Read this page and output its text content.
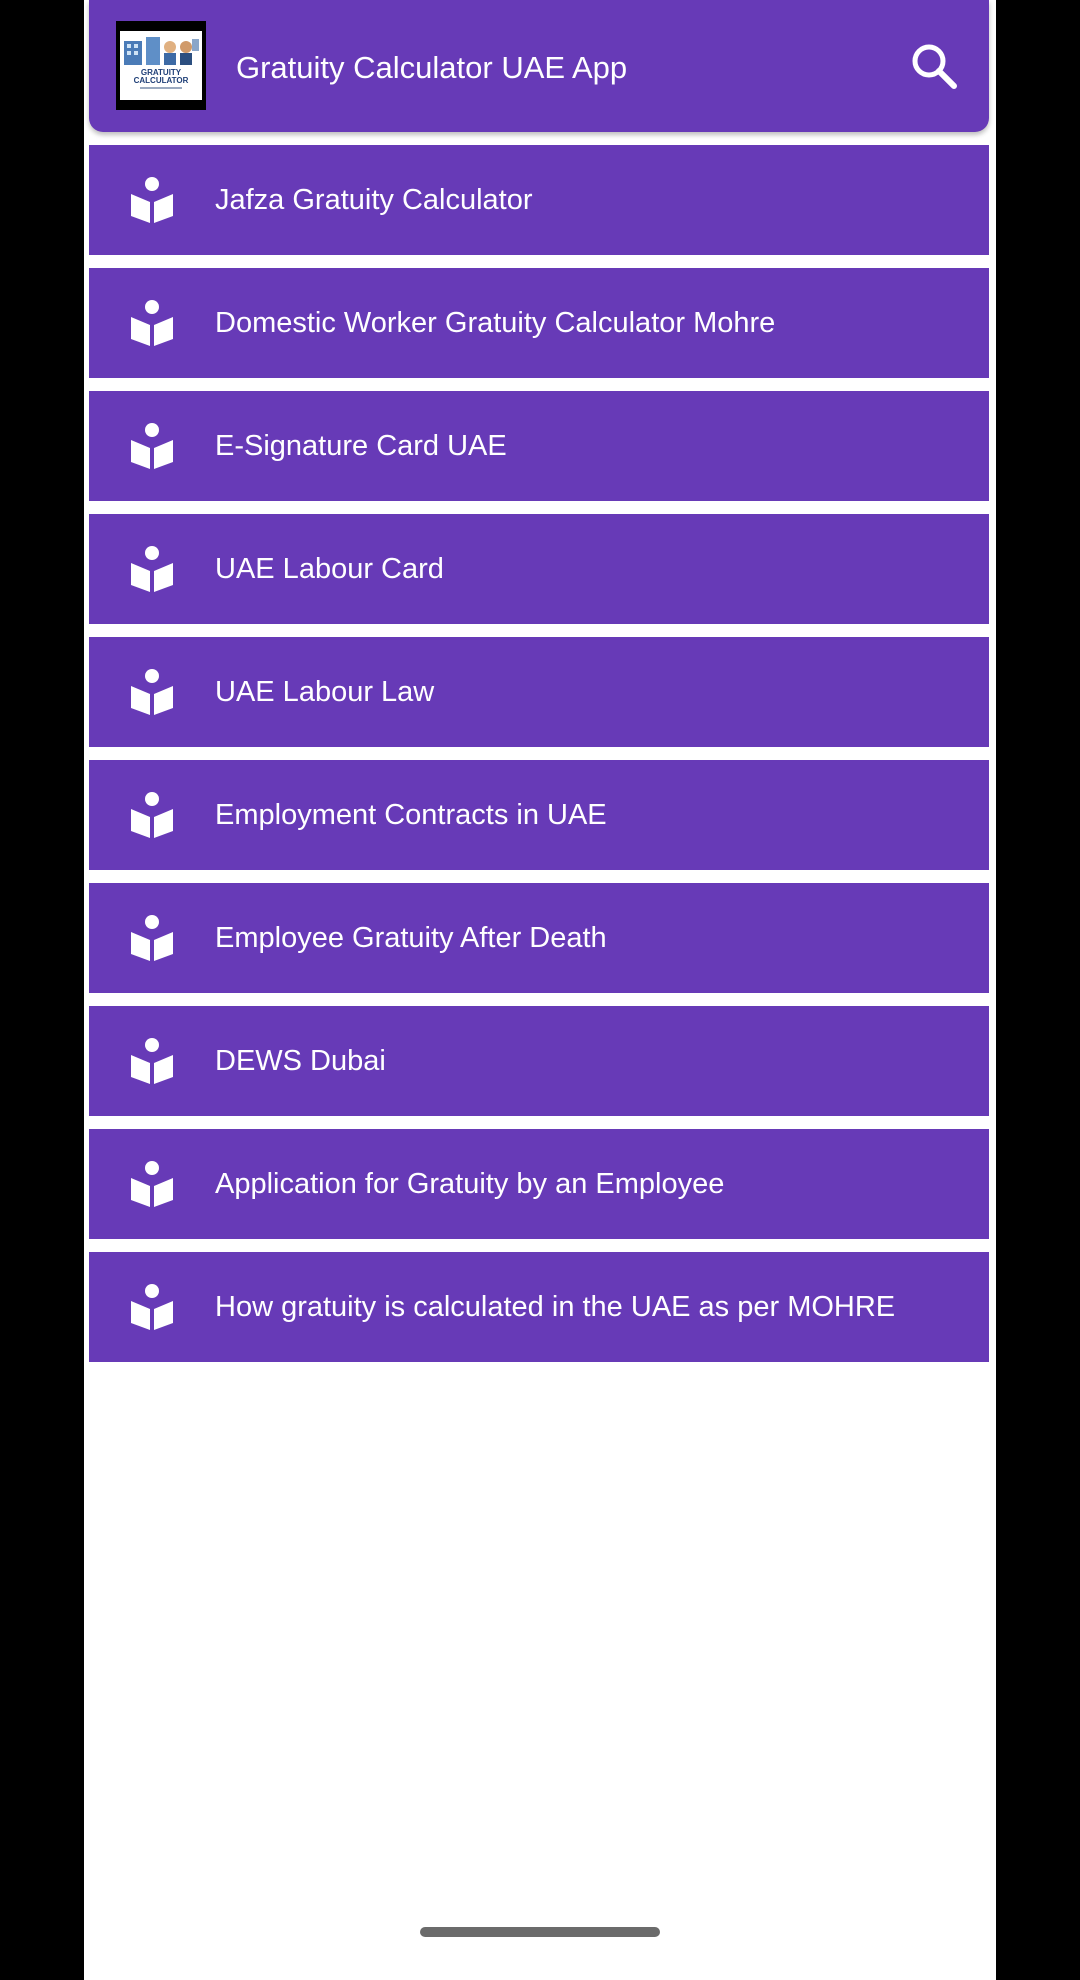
GRATUITY
CALCULATOR Gratuity Calculator UAE App
Jafza Gratuity Calculator
Domestic Worker Gratuity Calculator Mohre
E-Signature Card UAE
UAE Labour Card
UAE Labour Law
Employment Contracts in UAE
Employee Gratuity After Death
DEWS Dubai
Application for Gratuity by an Employee
How gratuity is calculated in the UAE as per MOHRE
